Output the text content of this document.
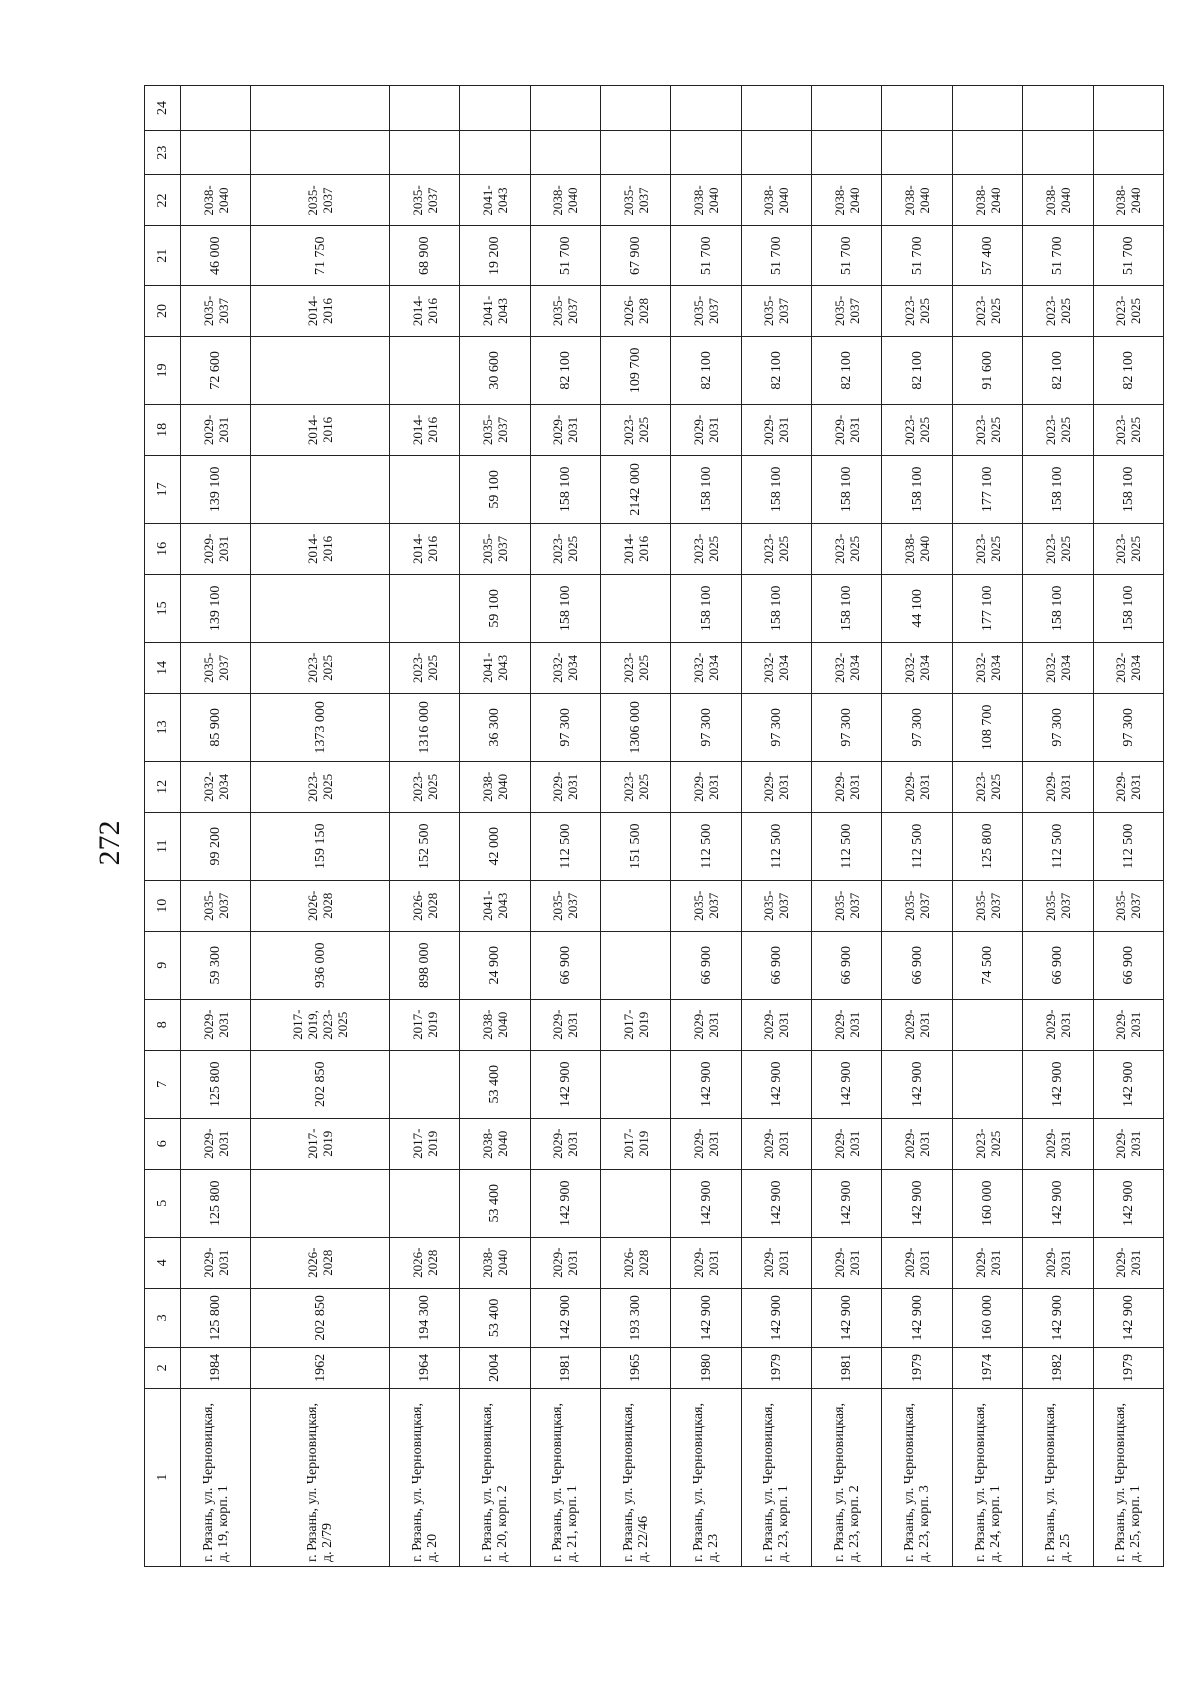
272
1	2	3	4	5	6	7	8	9	10	11	12	13	14	15	16	17	18	19	20	21	22	23	24
г. Рязань, ул. Черновицкая, д. 19, корп. 1	1984	125 800	2029-2031	125 800	2029-2031	125 800	2029-2031	59 300	2035-2037	99 200	2032-2034	85 900	2035-2037	139 100	2029-2031	139 100	2029-2031	72 600	2035-2037	46 000	2038-2040		
г. Рязань, ул. Черновицкая, д. 2/79	1962	202 850	2026-2028		2017-2019	202 850	2017-2019, 2023-2025	936 000	2026-2028	159 150	2023-2025	1373 000	2023-2025		2014-2016		2014-2016		2014-2016	71 750	2035-2037		
г. Рязань, ул. Черновицкая, д. 20	1964	194 300	2026-2028		2017-2019		2017-2019	898 000	2026-2028	152 500	2023-2025	1316 000	2023-2025		2014-2016		2014-2016		2014-2016	68 900	2035-2037		
г. Рязань, ул. Черновицкая, д. 20, корп. 2	2004	53 400	2038-2040	53 400	2038-2040	53 400	2038-2040	24 900	2041-2043	42 000	2038-2040	36 300	2041-2043	59 100	2035-2037	59 100	2035-2037	30 600	2041-2043	19 200	2041-2043		
г. Рязань, ул. Черновицкая, д. 21, корп. 1	1981	142 900	2029-2031	142 900	2029-2031	142 900	2029-2031	66 900	2035-2037	112 500	2029-2031	97 300	2032-2034	158 100	2023-2025	158 100	2029-2031	82 100	2035-2037	51 700	2038-2040		
г. Рязань, ул. Черновицкая, д. 22/46	1965	193 300	2026-2028		2017-2019		2017-2019			151 500	2023-2025	1306 000	2023-2025		2014-2016	2142 000	2023-2025	109 700	2026-2028	67 900	2035-2037		
г. Рязань, ул. Черновицкая, д. 23	1980	142 900	2029-2031	142 900	2029-2031	142 900	2029-2031	66 900	2035-2037	112 500	2029-2031	97 300	2032-2034	158 100	2023-2025	158 100	2029-2031	82 100	2035-2037	51 700	2038-2040		
г. Рязань, ул. Черновицкая, д. 23, корп. 1	1979	142 900	2029-2031	142 900	2029-2031	142 900	2029-2031	66 900	2035-2037	112 500	2029-2031	97 300	2032-2034	158 100	2023-2025	158 100	2029-2031	82 100	2035-2037	51 700	2038-2040		
г. Рязань, ул. Черновицкая, д. 23, корп. 2	1981	142 900	2029-2031	142 900	2029-2031	142 900	2029-2031	66 900	2035-2037	112 500	2029-2031	97 300	2032-2034	158 100	2023-2025	158 100	2029-2031	82 100	2035-2037	51 700	2038-2040		
г. Рязань, ул. Черновицкая, д. 23, корп. 3	1979	142 900	2029-2031	142 900	2029-2031	142 900	2029-2031	66 900	2035-2037	112 500	2029-2031	97 300	2032-2034	44 100	2038-2040	158 100	2023-2025	82 100	2023-2025	51 700	2038-2040		
г. Рязань, ул. Черновицкая, д. 24, корп. 1	1974	160 000	2029-2031	160 000	2023-2025			74 500	2035-2037	125 800	2023-2025	108 700	2032-2034	177 100	2023-2025	177 100	2023-2025	91 600	2023-2025	57 400	2038-2040		
г. Рязань, ул. Черновицкая, д. 25	1982	142 900	2029-2031	142 900	2029-2031	142 900	2029-2031	66 900	2035-2037	112 500	2029-2031	97 300	2032-2034	158 100	2023-2025	158 100	2023-2025	82 100	2023-2025	51 700	2038-2040		
г. Рязань, ул. Черновицкая, д. 25, корп. 1	1979	142 900	2029-2031	142 900	2029-2031	142 900	2029-2031	66 900	2035-2037	112 500	2029-2031	97 300	2032-2034	158 100	2023-2025	158 100	2023-2025	82 100	2023-2025	51 700	2038-2040		
